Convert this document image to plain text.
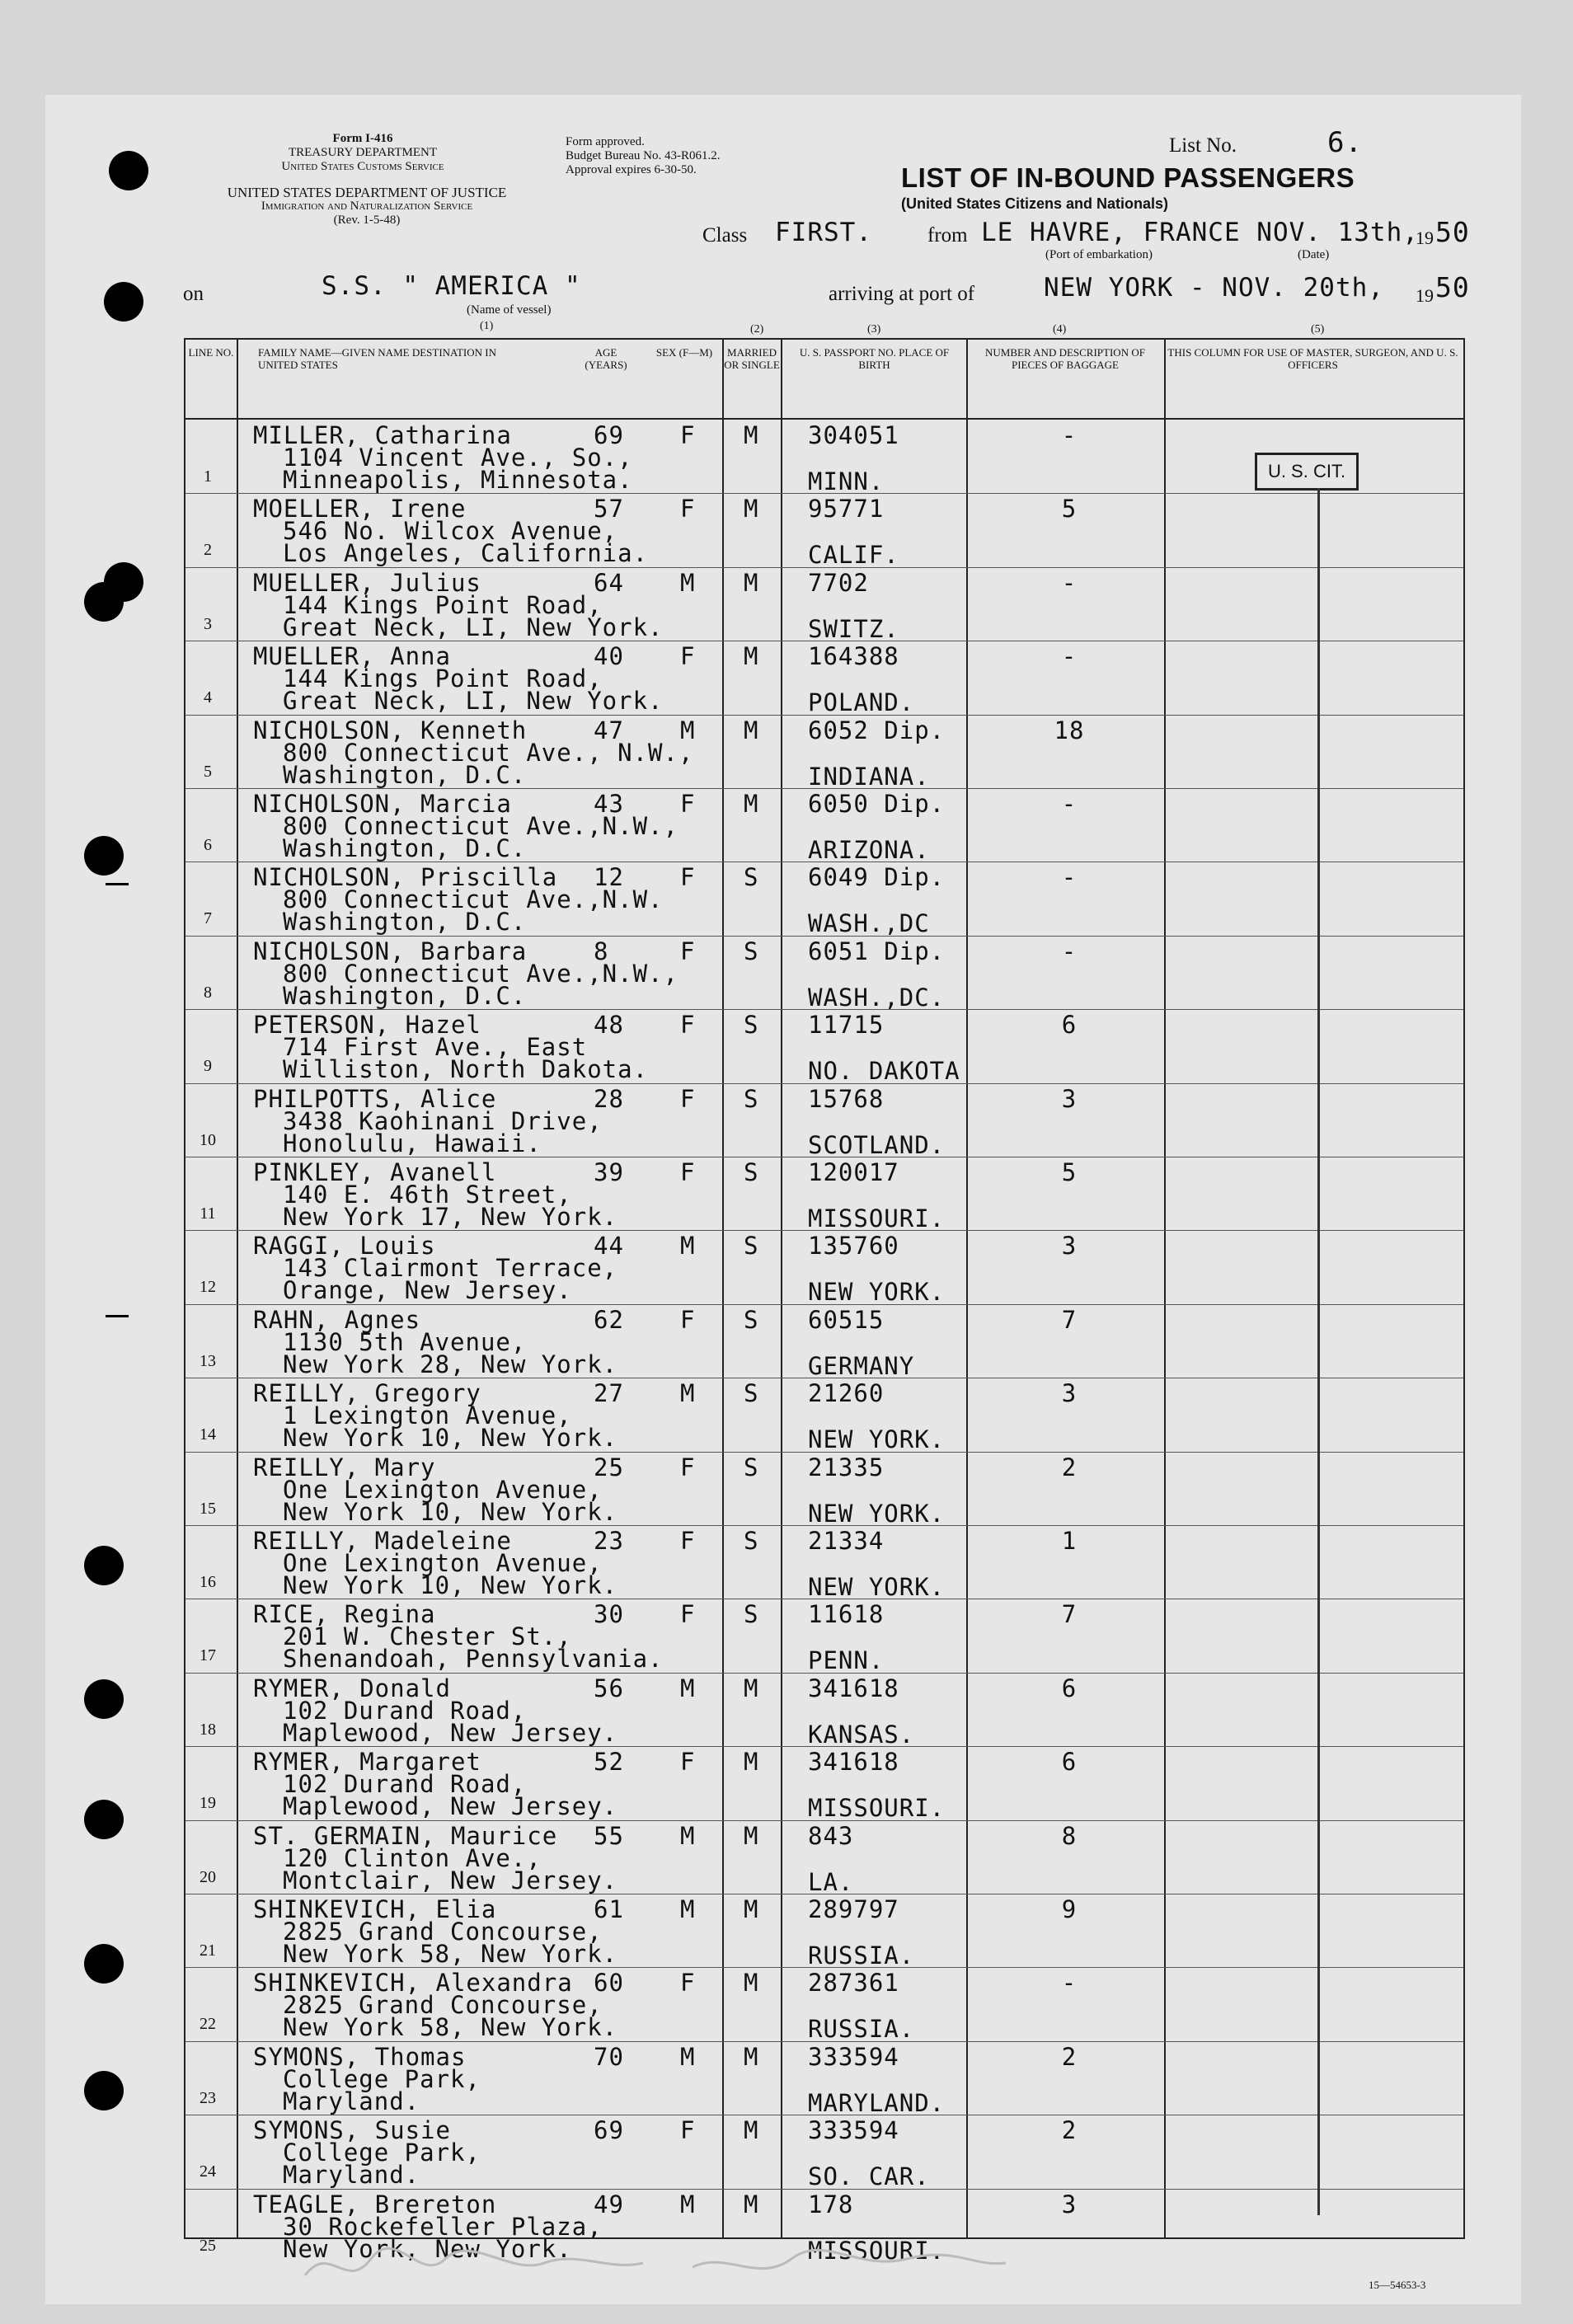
Form I-416
TREASURY DEPARTMENT
United States Customs Service
UNITED STATES DEPARTMENT OF JUSTICE
Immigration and Naturalization Service
(Rev. 1-5-48)
Form approved.
Budget Bureau No. 43-R061.2.
Approval expires 6-30-50.
List No.	6.
LIST OF IN-BOUND PASSENGERS
(United States Citizens and Nationals)
Class FIRST.	from LE HAVRE, FRANCE NOV. 13th,
19 50
(Port of embarkation)	(Date)
on	S.S. " AMERICA "
(Name of vessel)
arriving at port of	NEW YORK - NOV. 20th, 19 50
(1)	(2)	(3)	(4)	(5)
LINE NO. FAMILY NAME—GIVEN NAME DESTINATION IN UNITED STATES
AGE (YEARS)
SEX (F—M)	MARRIED OR SINGLE
U. S. PASSPORT NO. PLACE OF BIRTH
NUMBER AND DESCRIPTION OF PIECES OF BAGGAGE
THIS COLUMN FOR USE OF MASTER, SURGEON, AND U. S. OFFICERS
1
MILLER, Catharina	69 F M 304051	-
1104 Vincent Ave., So.,
Minneapolis, Minnesota.	MINN.
2
MOELLER, Irene	57 F M 95771	5
546 No. Wilcox Avenue,
Los Angeles, California.	CALIF.
3
MUELLER, Julius	64 M M 7702	-
144 Kings Point Road,
Great Neck, LI, New York.	SWITZ.
4
MUELLER, Anna	40 F M 164388	-
144 Kings Point Road,
Great Neck, LI, New York.	POLAND.
5
NICHOLSON, Kenneth	47 M M 6052 Dip.	18
800 Connecticut Ave., N.W.,
Washington, D.C.	INDIANA.
6
NICHOLSON, Marcia	43 F M 6050 Dip.	-
800 Connecticut Ave.,N.W.,
Washington, D.C.	ARIZONA.
7
NICHOLSON, Priscilla 12 F S 6049 Dip.	-
800 Connecticut Ave.,N.W.
Washington, D.C.	WASH.,DC
8
NICHOLSON, Barbara	8	F S 6051 Dip.	-
800 Connecticut Ave.,N.W.,
Washington, D.C.	WASH.,DC.
9
PETERSON, Hazel	48 F S 11715	6
714 First Ave., East
Williston, North Dakota.	NO. DAKOTA
10
PHILPOTTS, Alice	28 F S 15768	3
3438 Kaohinani Drive,
Honolulu, Hawaii.	SCOTLAND.
11
PINKLEY, Avanell	39 F S 120017	5
140 E. 46th Street,
New York 17, New York.	MISSOURI.
12
RAGGI, Louis	44 M S 135760	3
143 Clairmont Terrace,
Orange, New Jersey.	NEW YORK.
13
RAHN, Agnes	62 F S 60515	7
1130 5th Avenue,
New York 28, New York.	GERMANY
14
REILLY, Gregory	27 M S 21260	3
1 Lexington Avenue,
New York 10, New York.	NEW YORK.
15
REILLY, Mary	25 F S 21335	2
One Lexington Avenue,
New York 10, New York.	NEW YORK.
16
REILLY, Madeleine	23 F S 21334	1
One Lexington Avenue,
New York 10, New York.	NEW YORK.
17
RICE, Regina	30 F S 11618	7
201 W. Chester St.,
Shenandoah, Pennsylvania.	PENN.
18
RYMER, Donald	56 M M 341618	6
102 Durand Road,
Maplewood, New Jersey.	KANSAS.
19
RYMER, Margaret	52 F M 341618	6
102 Durand Road,
Maplewood, New Jersey.	MISSOURI.
20
ST. GERMAIN, Maurice 55 M M 843	8
120 Clinton Ave.,
Montclair, New Jersey.	LA.
21
SHINKEVICH, Elia	61 M M 289797	9
2825 Grand Concourse,
New York 58, New York.	RUSSIA.
22
SHINKEVICH, Alexandra 60 F M 287361	-
2825 Grand Concourse,
New York 58, New York.	RUSSIA.
23
SYMONS, Thomas	70 M M 333594	2
College Park,
Maryland.	MARYLAND.
24
SYMONS, Susie	69 F M 333594	2
College Park,
Maryland.	SO. CAR.
25
TEAGLE, Brereton	49 M M 178	3
30 Rockefeller Plaza,
New York, New York.	MISSOURI.
U. S. CIT.
15—54653-3
